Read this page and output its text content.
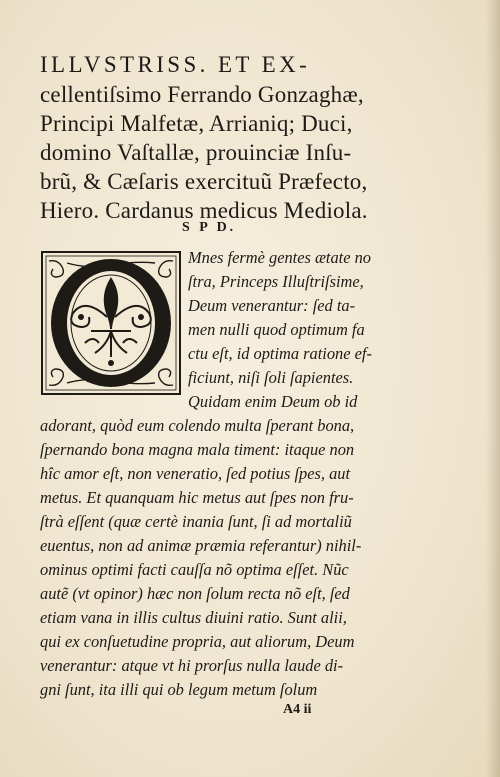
ILLVSTRISS. ET EX-
cellentiſsimo Ferrando Gonzaghæ,
Principi Malfetæ, Arrianiq; Duci,
domino Vaſtallæ, prouinciæ Inſu-
brũ, & Cæſaris exercituũ Præfecto,
Hiero. Cardanus medicus Mediola.
S P D.
Mnes fermè gentes ætate no
ſtra, Princeps Illuſtriſsime,
Deum venerantur: ſed ta-
men nulli quod optimum fa
ctu eſt, id optima ratione ef-
ficiunt, niſi ſoli ſapientes.
Quidam enim Deum ob id
adorant, quòd eum colendo multa ſperant bona,
ſpernando bona magna mala timent: itaque non
hîc amor eſt, non veneratio, ſed potius ſpes, aut
metus. Et quanquam hic metus aut ſpes non fru-
ſtrà eſſent (quæ certè inania ſunt, ſi ad mortaliũ
euentus, non ad animæ præmia referantur) nihil-
ominus optimi facti cauſſa nõ optima eſſet. Nũc
autẽ (vt opinor) hæc non ſolum recta nõ eſt, ſed
etiam vana in illis cultus diuini ratio. Sunt alii,
qui ex conſuetudine propria, aut aliorum, Deum
venerantur: atque vt hi prorſus nulla laude di-
gni ſunt, ita illi qui ob legum metum ſolum
A4 ii
